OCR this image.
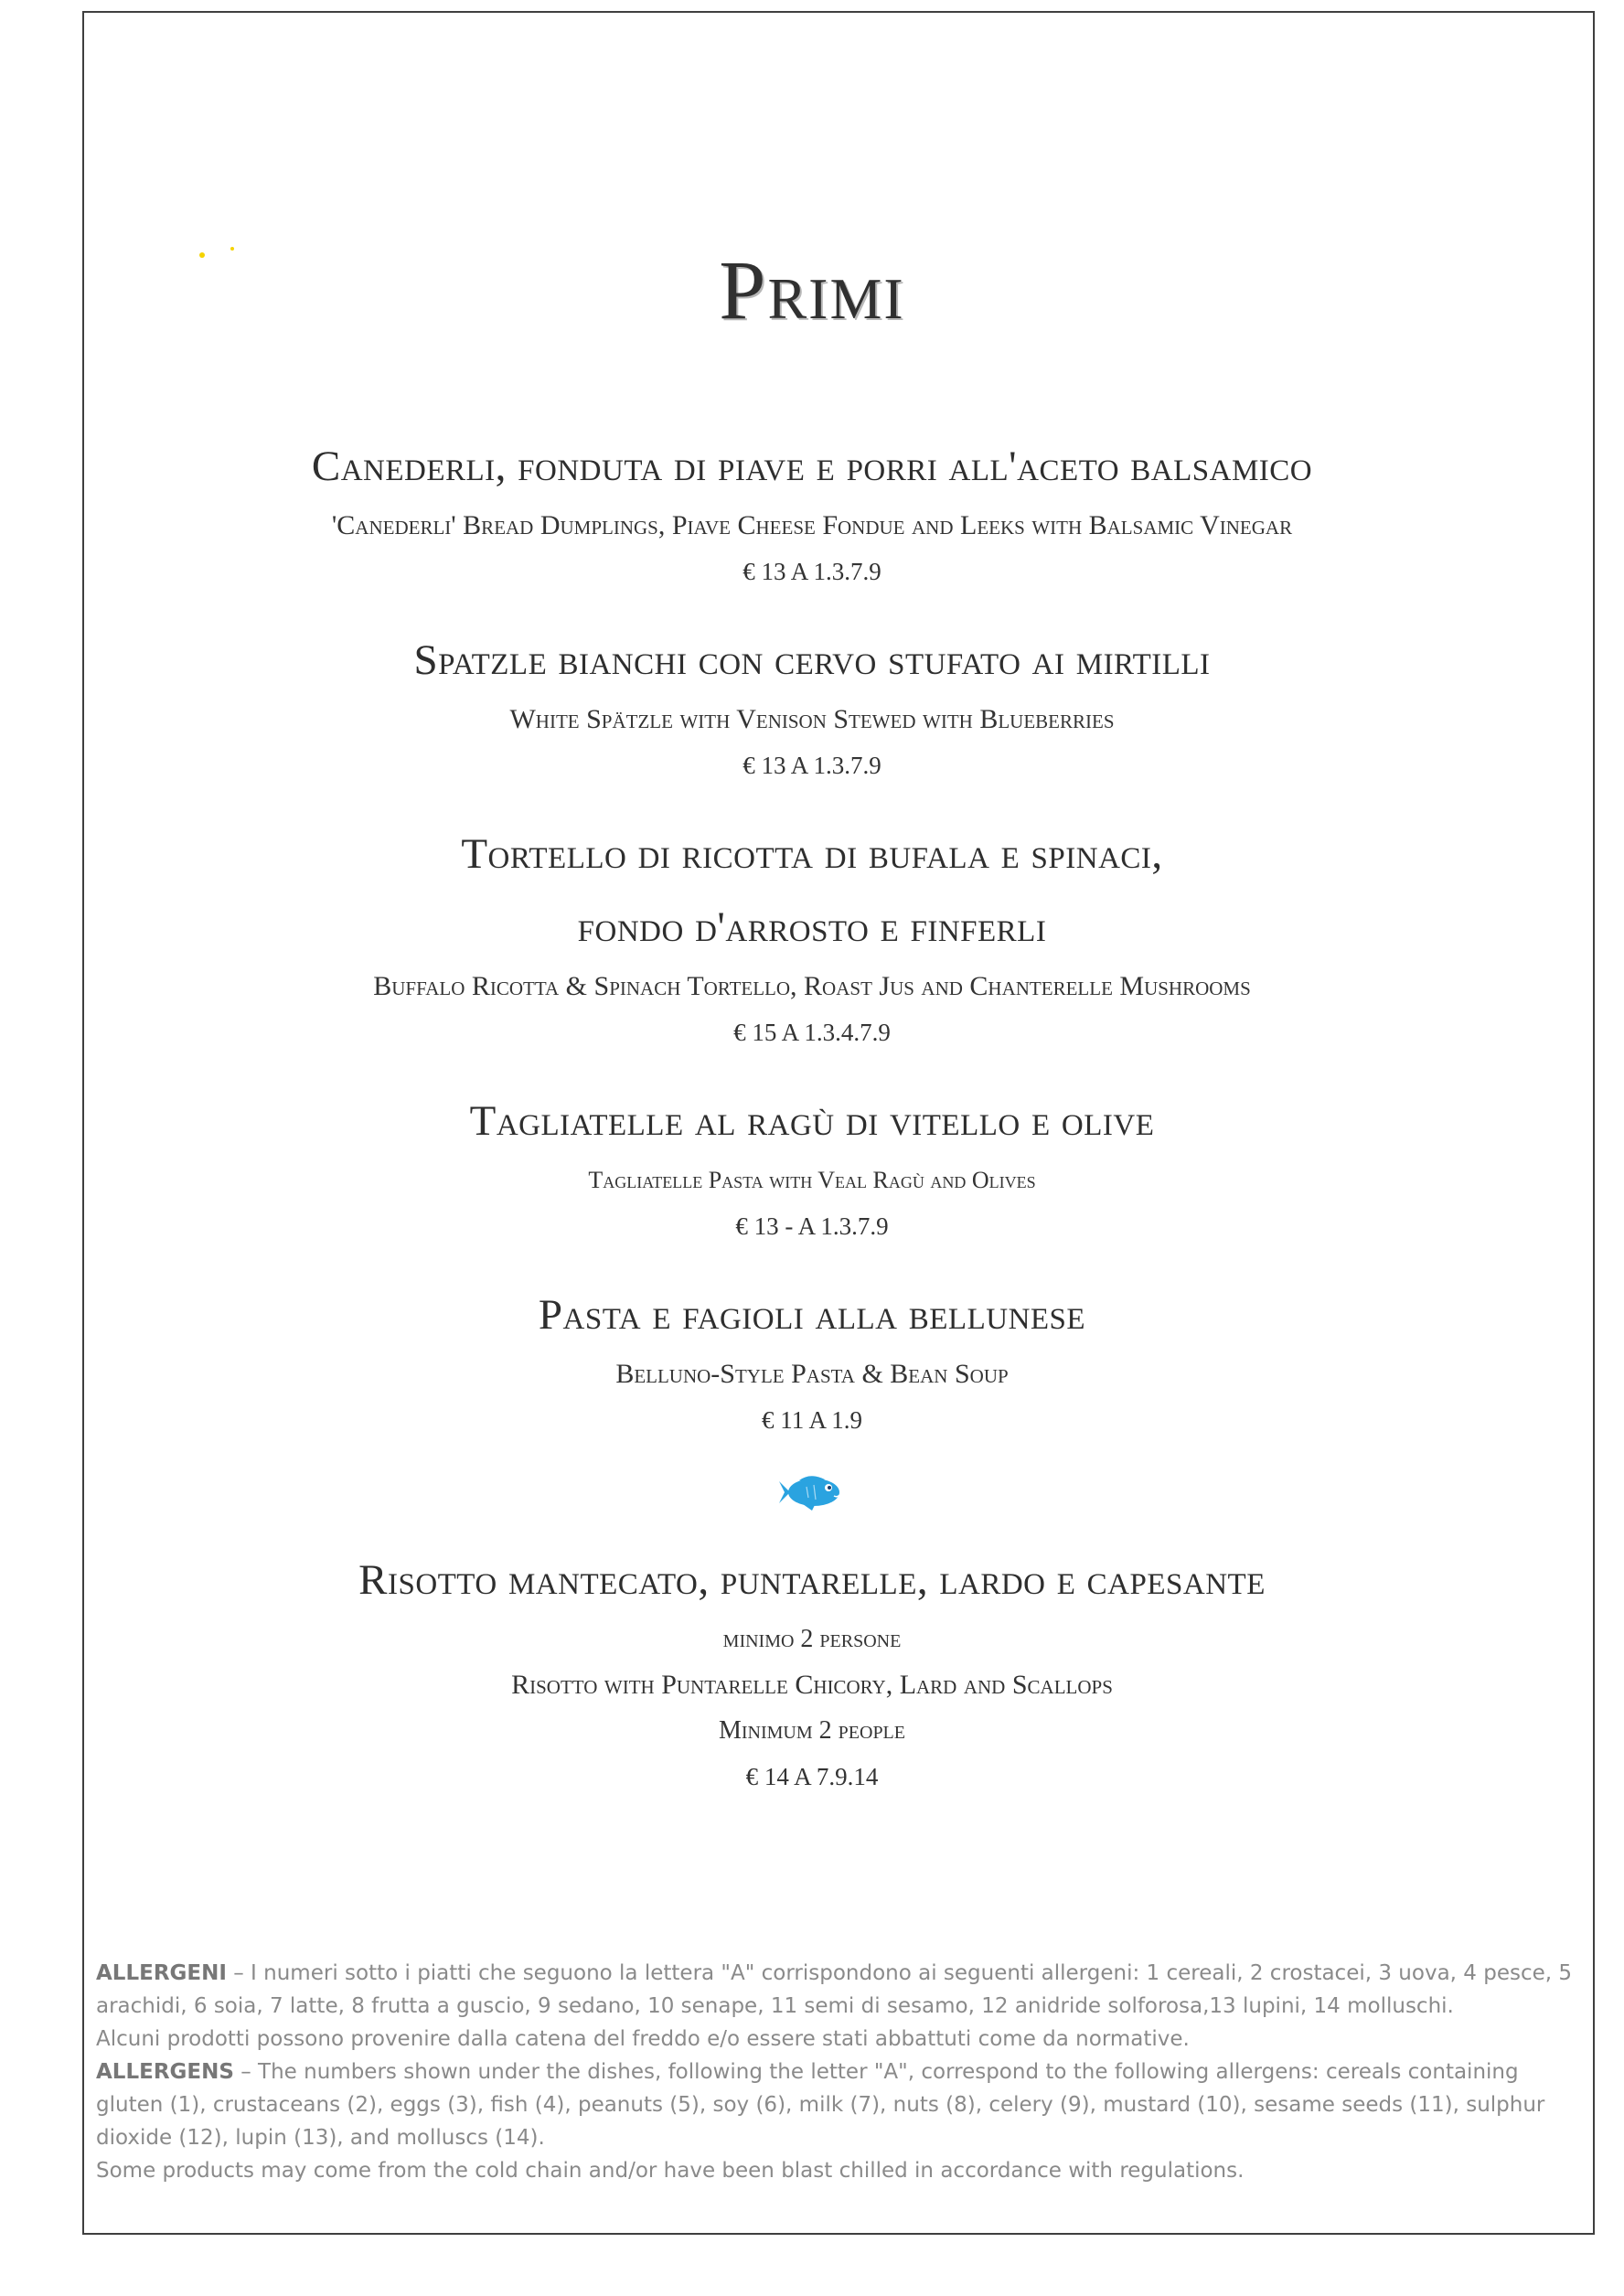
Primi
Canederli, fonduta di piave e porri all'aceto balsamico
'Canederli' Bread Dumplings, Piave Cheese Fondue and Leeks with Balsamic Vinegar
€ 13 A 1.3.7.9
Spatzle bianchi con cervo stufato ai mirtilli
White Spätzle with Venison Stewed with Blueberries
€ 13 A 1.3.7.9
Tortello di ricotta di bufala e spinaci,
fondo d'arrosto e finferli
Buffalo Ricotta & Spinach Tortello, Roast Jus and Chanterelle Mushrooms
€ 15 A 1.3.4.7.9
Tagliatelle al ragù di vitello e olive
Tagliatelle Pasta with Veal Ragù and Olives
€ 13 - A 1.3.7.9
Pasta e fagioli alla bellunese
Belluno-Style Pasta & Bean Soup
€ 11 A 1.9
Risotto mantecato, puntarelle, lardo e capesante
minimo 2 persone
Risotto with Puntarelle Chicory, Lard and Scallops
Minimum 2 people
€ 14 A 7.9.14

ALLERGENI – I numeri sotto i piatti che seguono la lettera "A" corrispondono ai seguenti allergeni: 1 cereali, 2 crostacei, 3 uova, 4 pesce, 5 arachidi, 6 soia, 7 latte, 8 frutta a guscio, 9 sedano, 10 senape, 11 semi di sesamo, 12 anidride solforosa,13 lupini, 14 molluschi.

Alcuni prodotti possono provenire dalla catena del freddo e/o essere stati abbattuti come da normative.

ALLERGENS – The numbers shown under the dishes, following the letter "A", correspond to the following allergens: cereals containing gluten (1), crustaceans (2), eggs (3), fish (4), peanuts (5), soy (6), milk (7), nuts (8), celery (9), mustard (10), sesame seeds (11), sulphur dioxide (12), lupin (13), and molluscs (14).

Some products may come from the cold chain and/or have been blast chilled in accordance with regulations.
